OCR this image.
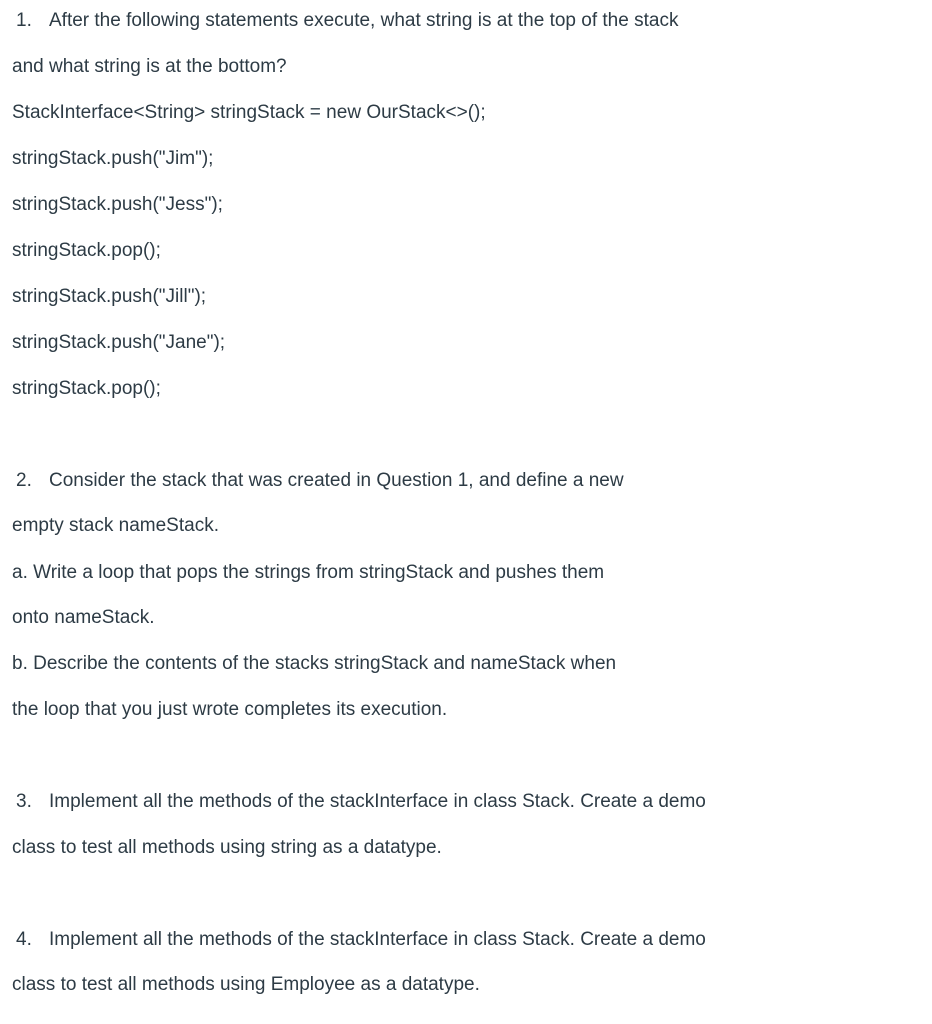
1. After the following statements execute, what string is at the top of the stack
and what string is at the bottom?
StackInterface<String> stringStack = new OurStack<>();
stringStack.push("Jim");
stringStack.push("Jess");
stringStack.pop();
stringStack.push("Jill");
stringStack.push("Jane");
stringStack.pop();
2. Consider the stack that was created in Question 1, and define a new
empty stack nameStack.
a. Write a loop that pops the strings from stringStack and pushes them
onto nameStack.
b. Describe the contents of the stacks stringStack and nameStack when
the loop that you just wrote completes its execution.
3. Implement all the methods of the stackInterface in class Stack. Create a demo
class to test all methods using string as a datatype.
4. Implement all the methods of the stackInterface in class Stack. Create a demo
class to test all methods using Employee as a datatype.
